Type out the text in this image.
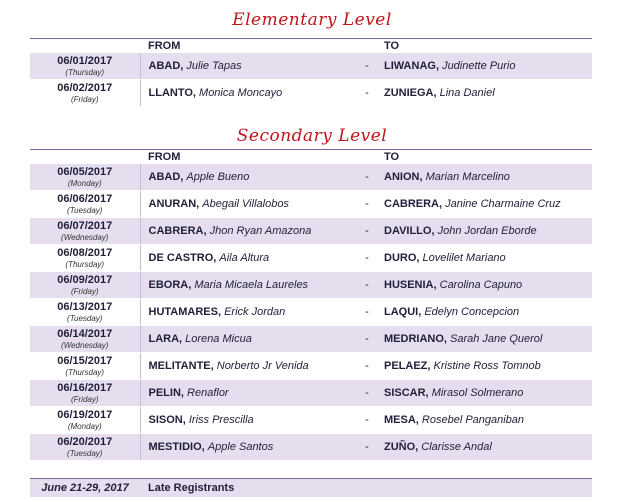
Elementary Level
	FROM		TO

06/01/2017
(Thursday)	ABAD, Julie Tapas	-	LIWANAG, Judinette Purio

06/02/2017
(Friday)	LLANTO, Monica Moncayo	-	ZUNIEGA, Lina Daniel
Secondary Level
	FROM		TO

06/05/2017
(Monday)	ABAD, Apple Bueno	-	ANION, Marian Marcelino

06/06/2017
(Tuesday)	ANURAN, Abegail Villalobos	-	CABRERA, Janine Charmaine Cruz

06/07/2017
(Wednesday)	CABRERA, Jhon Ryan Amazona	-	DAVILLO, John Jordan Eborde

06/08/2017
(Thursday)	DE CASTRO, Aila Altura	-	DURO, Lovelilet Mariano

06/09/2017
(Friday)	EBORA, Maria Micaela Laureles	-	HUSENIA, Carolina Capuno

06/13/2017
(Tuesday)	HUTAMARES, Erick Jordan	-	LAQUI, Edelyn Concepcion

06/14/2017
(Wednesday)	LARA, Lorena Micua	-	MEDRIANO, Sarah Jane Querol

06/15/2017
(Thursday)	MELITANTE, Norberto Jr Venida	-	PELAEZ, Kristine Ross Tomnob

06/16/2017
(Friday)	PELIN, Renaflor	-	SISCAR, Mirasol Solmerano

06/19/2017
(Monday)	SISON, Iriss Prescilla	-	MESA, Rosebel Panganiban

06/20/2017
(Tuesday)	MESTIDIO, Apple Santos	-	ZUÑO, Clarisse Andal
June 21-29, 2017	Late Registrants
